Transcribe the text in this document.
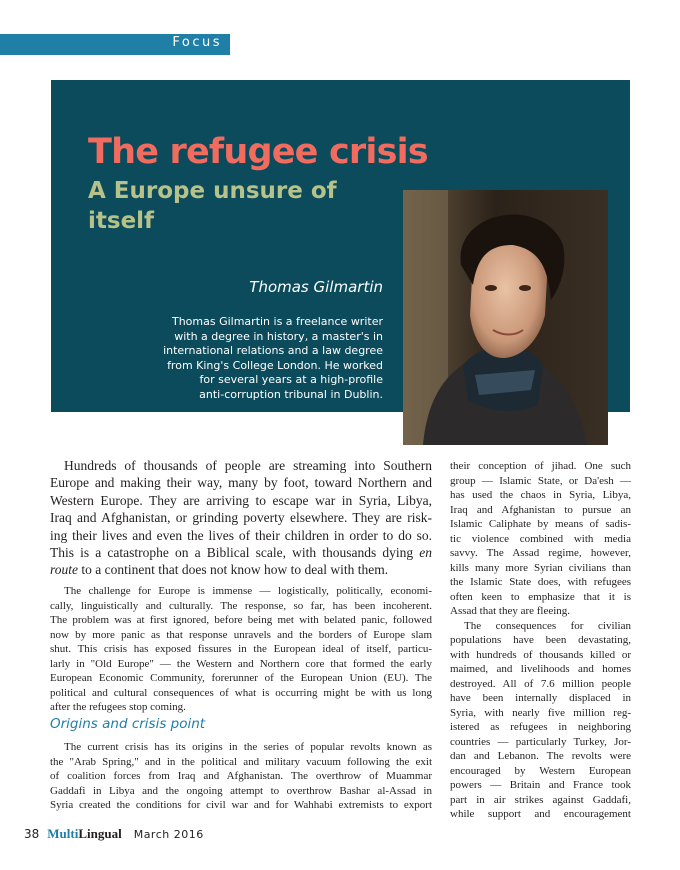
Focus
The refugee crisis
A Europe unsure of itself
Thomas Gilmartin
Thomas Gilmartin is a freelance writer
with a degree in history, a master's in
international relations and a law degree
from King's College London. He worked
for several years at a high-profile
anti-corruption tribunal in Dublin.
Hundreds of thousands of people are streaming into Southern
Europe and making their way, many by foot, toward Northern and
Western Europe. They are arriving to escape war in Syria, Libya,
Iraq and Afghanistan, or grinding poverty elsewhere. They are risk-
ing their lives and even the lives of their children in order to do so.
This is a catastrophe on a Biblical scale, with thousands dying en
route to a continent that does not know how to deal with them.
The challenge for Europe is immense — logistically, politically, economi-
cally, linguistically and culturally. The response, so far, has been incoherent.
The problem was at first ignored, before being met with belated panic, followed
now by more panic as that response unravels and the borders of Europe slam
shut. This crisis has exposed fissures in the European ideal of itself, particu-
larly in "Old Europe" — the Western and Northern core that formed the early
European Economic Community, forerunner of the European Union (EU). The
political and cultural consequences of what is occurring might be with us long
after the refugees stop coming.
Origins and crisis point
The current crisis has its origins in the series of popular revolts known as
the "Arab Spring," and in the political and military vacuum following the exit
of coalition forces from Iraq and Afghanistan. The overthrow of Muammar
Gaddafi in Libya and the ongoing attempt to overthrow Bashar al-Assad in
Syria created the conditions for civil war and for Wahhabi extremists to export
their conception of jihad. One such
group — Islamic State, or Da'esh —
has used the chaos in Syria, Libya,
Iraq and Afghanistan to pursue an
Islamic Caliphate by means of sadis-
tic violence combined with media
savvy. The Assad regime, however,
kills many more Syrian civilians than
the Islamic State does, with refugees
often keen to emphasize that it is
Assad that they are fleeing.
The consequences for civilian
populations have been devastating,
with hundreds of thousands killed or
maimed, and livelihoods and homes
destroyed. All of 7.6 million people
have been internally displaced in
Syria, with nearly five million reg-
istered as refugees in neighboring
countries — particularly Turkey, Jor-
dan and Lebanon. The revolts were
encouraged by Western European
powers — Britain and France took
part in air strikes against Gaddafi,
while support and encouragement
38 MultiLingual March 2016
